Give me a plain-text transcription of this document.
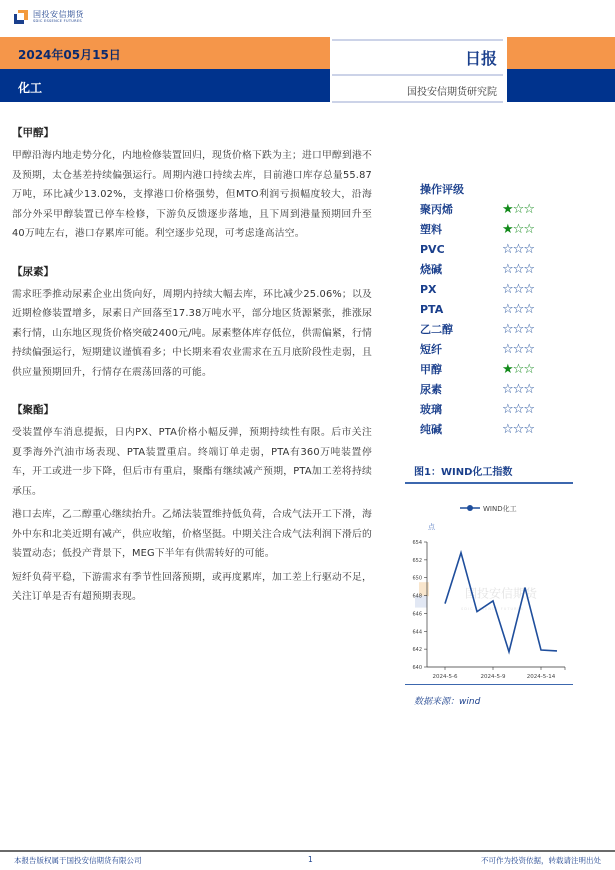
国投安信期货
SDIC ESSENCE FUTURES
2024年05月15日
化工
日报
国投安信期货研究院
【甲醇】

甲醇沿海内地走势分化，内地检修装置回归，现货价格下跌为主；进口甲醇到港不及预期，太仓基差持续偏强运行。周期内港口持续去库，目前港口库存总量55.87万吨，环比减少13.02%，支撑港口价格强势，但MTO利润亏损幅度较大，沿海部分外采甲醇装置已停车检修，下游负反馈逐步落地，且下周到港量预期回升至40万吨左右，港口存累库可能。利空逐步兑现，可考虑逢高沽空。

【尿素】

需求旺季推动尿素企业出货向好，周期内持续大幅去库，环比减少25.06%；以及近期检修装置增多，尿素日产回落至17.38万吨水平，部分地区货源紧张，推涨尿素行情，山东地区现货价格突破2400元/吨。尿素整体库存低位，供需偏紧，行情持续偏强运行，短期建议谨慎看多；中长期来看农业需求在五月底阶段性走弱，且供应量预期回升，行情存在震荡回落的可能。

【聚酯】

受装置停车消息提振，日内PX、PTA价格小幅反弹，预期持续性有限。后市关注夏季海外汽油市场表现、PTA装置重启。终端订单走弱，PTA有360万吨装置停车，开工或进一步下降，但后市有重启，聚酯有继续减产预期，PTA加工差将持续承压。

港口去库，乙二醇重心继续抬升。乙烯法装置维持低负荷，合成气法开工下滑，海外中东和北美近期有减产，供应收缩，价格坚挺。中期关注合成气法利润下滑后的装置动态；低投产背景下，MEG下半年有供需转好的可能。

短纤负荷平稳，下游需求有季节性回落预期，或再度累库，加工差上行驱动不足，关注订单是否有超预期表现。

操作评级
聚丙烯	★☆☆
塑料	★☆☆
PVC	☆☆☆
烧碱	☆☆☆
PX	☆☆☆
PTA	☆☆☆
乙二醇	☆☆☆
短纤	☆☆☆
甲醇	★☆☆
尿素	☆☆☆
玻璃	☆☆☆
纯碱	☆☆☆
图1：WIND化工指数
国投安信期货
SDIC ESSENCE FUTURES
WIND化工
点
640
642
644
646
648
650
652
654
2024-5-6	2024-5-9	2024-5-14
数据来源：wind
本报告版权属于国投安信期货有限公司	1	不可作为投资依据，转载请注明出处
